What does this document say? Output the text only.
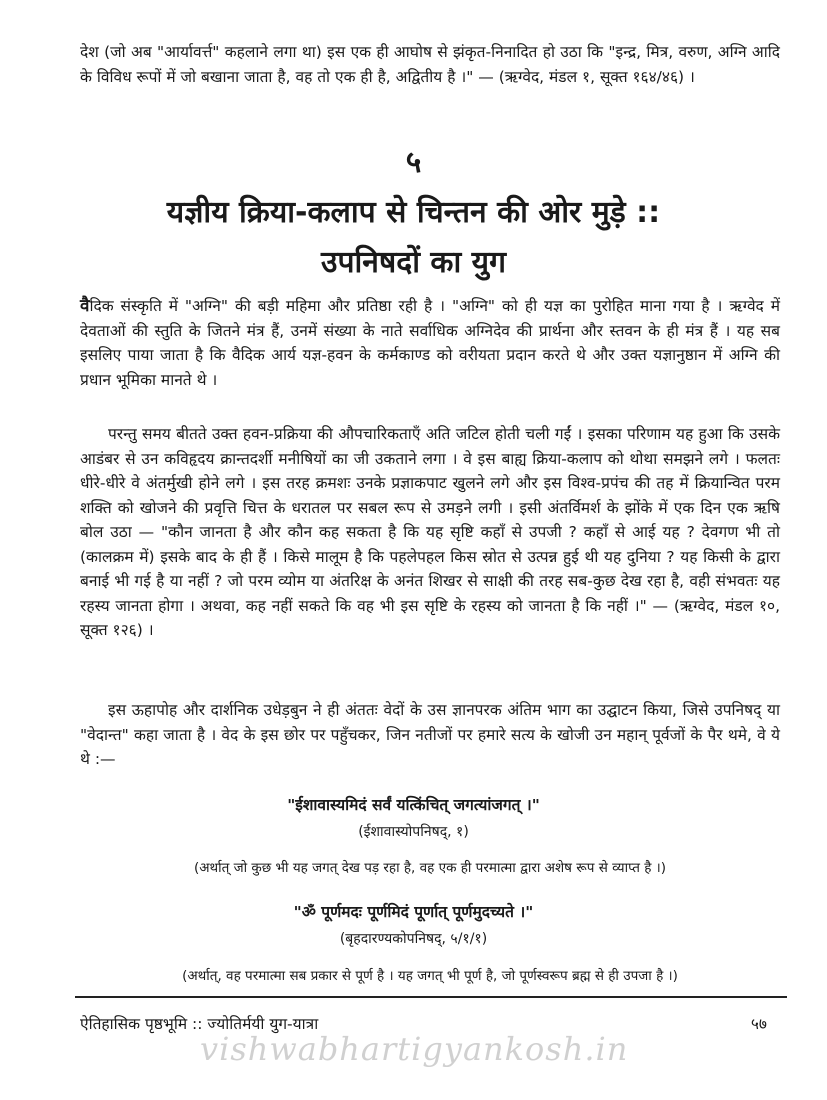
देश (जो अब "आर्यावर्त्त" कहलाने लगा था) इस एक ही आघोष से झंकृत-निनादित हो उठा कि "इन्द्र, मित्र, वरुण, अग्नि आदि के विविध रूपों में जो बखाना जाता है, वह तो एक ही है, अद्वितीय है ।" — (ऋग्वेद, मंडल १, सूक्त १६४/४६) ।

५

यज्ञीय क्रिया-कलाप से चिन्तन की ओर मुड़े ::
उपनिषदों का युग

वैदिक संस्कृति में "अग्नि" की बड़ी महिमा और प्रतिष्ठा रही है । "अग्नि" को ही यज्ञ का पुरोहित माना गया है । ऋग्वेद में देवताओं की स्तुति के जितने मंत्र हैं, उनमें संख्या के नाते सर्वाधिक अग्निदेव की प्रार्थना और स्तवन के ही मंत्र हैं । यह सब इसलिए पाया जाता है कि वैदिक आर्य यज्ञ-हवन के कर्मकाण्ड को वरीयता प्रदान करते थे और उक्त यज्ञानुष्ठान में अग्नि की प्रधान भूमिका मानते थे ।

परन्तु समय बीतते उक्त हवन-प्रक्रिया की औपचारिकताएँ अति जटिल होती चली गईं । इसका परिणाम यह हुआ कि उसके आडंबर से उन कविहृदय क्रान्तदर्शी मनीषियों का जी उकताने लगा । वे इस बाह्य क्रिया-कलाप को थोथा समझने लगे । फलतः धीरे-धीरे वे अंतर्मुखी होने लगे । इस तरह क्रमशः उनके प्रज्ञाकपाट खुलने लगे और इस विश्व-प्रपंच की तह में क्रियान्वित परम शक्ति को खोजने की प्रवृत्ति चित्त के धरातल पर सबल रूप से उमड़ने लगी । इसी अंतर्विमर्श के झोंके में एक दिन एक ऋषि बोल उठा — "कौन जानता है और कौन कह सकता है कि यह सृष्टि कहाँ से उपजी ? कहाँ से आई यह ? देवगण भी तो (कालक्रम में) इसके बाद के ही हैं । किसे मालूम है कि पहलेपहल किस स्रोत से उत्पन्न हुई थी यह दुनिया ? यह किसी के द्वारा बनाई भी गई है या नहीं ? जो परम व्योम या अंतरिक्ष के अनंत शिखर से साक्षी की तरह सब-कुछ देख रहा है, वही संभवतः यह रहस्य जानता होगा । अथवा, कह नहीं सकते कि वह भी इस सृष्टि के रहस्य को जानता है कि नहीं ।" — (ऋग्वेद, मंडल १०, सूक्त १२६) ।

इस ऊहापोह और दार्शनिक उधेड़बुन ने ही अंततः वेदों के उस ज्ञानपरक अंतिम भाग का उद्घाटन किया, जिसे उपनिषद् या "वेदान्त" कहा जाता है । वेद के इस छोर पर पहुँचकर, जिन नतीजों पर हमारे सत्य के खोजी उन महान् पूर्वजों के पैर थमे, वे ये थे :—

"ईशावास्यमिदं सर्वं यत्किंचित् जगत्यांजगत् ।"

(ईशावास्योपनिषद्, १)

(अर्थात् जो कुछ भी यह जगत् देख पड़ रहा है, वह एक ही परमात्मा द्वारा अशेष रूप से व्याप्त है ।)

"ॐ पूर्णमदः पूर्णमिदं पूर्णात् पूर्णमुदच्यते ।"

(बृहदारण्यकोपनिषद्, ५/१/१)

(अर्थात्, वह परमात्मा सब प्रकार से पूर्ण है । यह जगत् भी पूर्ण है, जो पूर्णस्वरूप ब्रह्म से ही उपजा है ।)

ऐतिहासिक पृष्ठभूमि :: ज्योतिर्मयी युग-यात्रा	५७

vishwabhartigyankosh.in
